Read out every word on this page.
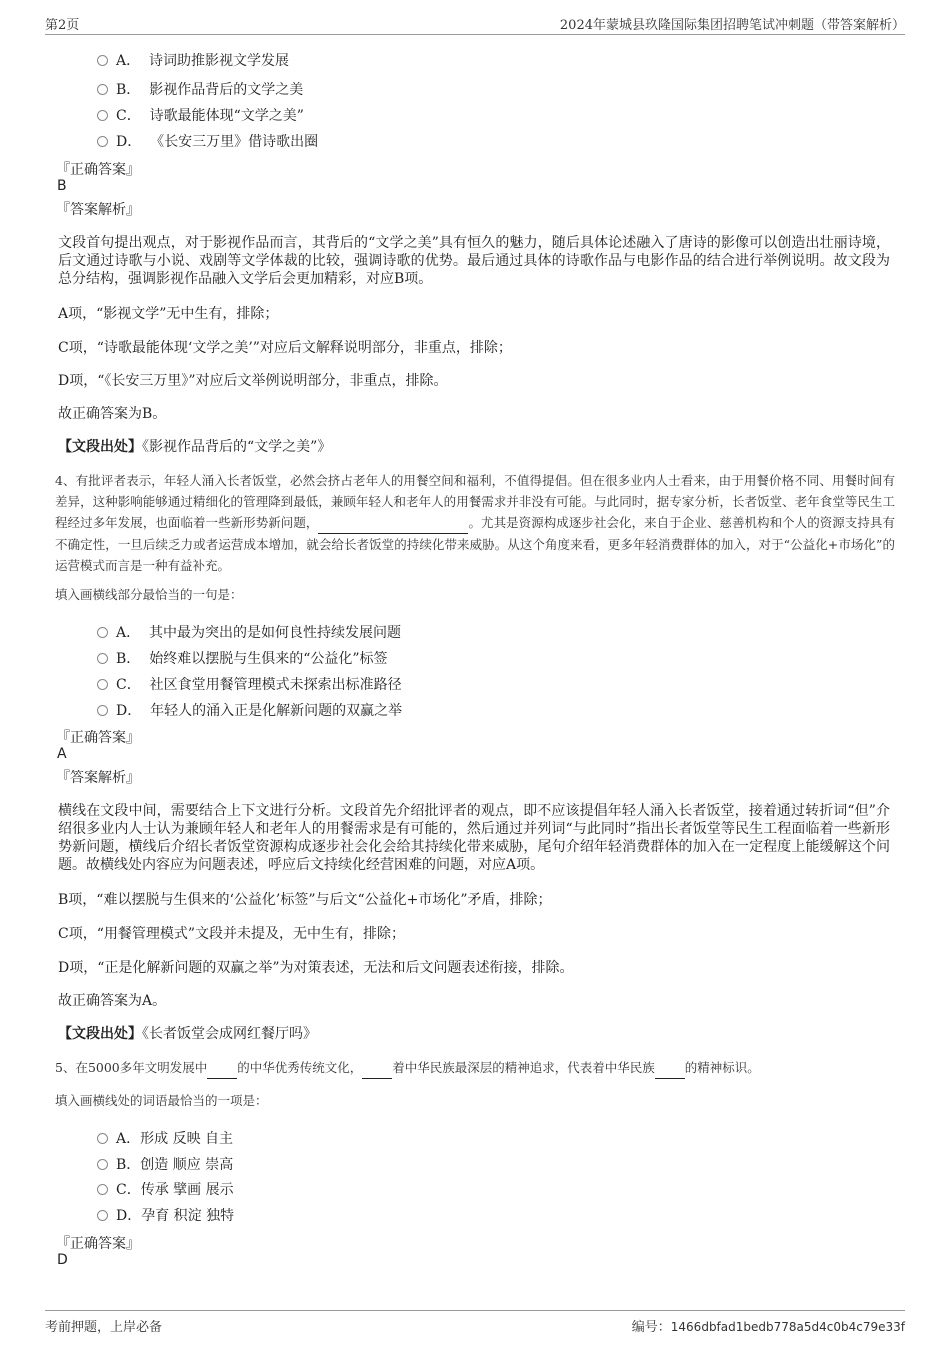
第2页	2024年蒙城县玖隆国际集团招聘笔试冲刺题（带答案解析）
A． 诗词助推影视文学发展
B． 影视作品背后的文学之美
C． 诗歌最能体现“文学之美”
D． 《长安三万里》借诗歌出圈
『正确答案』
B
『答案解析』
文段首句提出观点，对于影视作品而言，其背后的“文学之美”具有恒久的魅力，随后具体论述融入了唐诗的影像可以创造出壮丽诗境，后文通过诗歌与小说、戏剧等文学体裁的比较，强调诗歌的优势。最后通过具体的诗歌作品与电影作品的结合进行举例说明。故文段为总分结构，强调影视作品融入文学后会更加精彩，对应B项。
A项，“影视文学”无中生有，排除；
C项，“诗歌最能体现‘文学之美’”对应后文解释说明部分，非重点，排除；
D项，“《长安三万里》”对应后文举例说明部分，非重点，排除。
故正确答案为B。
【文段出处】《影视作品背后的“文学之美”》
4、有批评者表示，年轻人涌入长者饭堂，必然会挤占老年人的用餐空间和福利，不值得提倡。但在很多业内人士看来，由于用餐价格不同、用餐时间有差异，这种影响能够通过精细化的管理降到最低，兼顾年轻人和老年人的用餐需求并非没有可能。与此同时，据专家分析，长者饭堂、老年食堂等民生工程经过多年发展，也面临着一些新形势新问题，	。尤其是资源构成逐步社会化，来自于企业、慈善机构和个人的资源支持具有不确定性，一旦后续乏力或者运营成本增加，就会给长者饭堂的持续化带来威胁。从这个角度来看，更多年轻消费群体的加入，对于“公益化+市场化”的运营模式而言是一种有益补充。
填入画横线部分最恰当的一句是：
A． 其中最为突出的是如何良性持续发展问题
B． 始终难以摆脱与生俱来的“公益化”标签
C． 社区食堂用餐管理模式未探索出标准路径
D． 年轻人的涌入正是化解新问题的双赢之举
『正确答案』
A
『答案解析』
横线在文段中间，需要结合上下文进行分析。文段首先介绍批评者的观点，即不应该提倡年轻人涌入长者饭堂，接着通过转折词“但”介绍很多业内人士认为兼顾年轻人和老年人的用餐需求是有可能的，然后通过并列词“与此同时”指出长者饭堂等民生工程面临着一些新形势新问题，横线后介绍长者饭堂资源构成逐步社会化会给其持续化带来威胁，尾句介绍年轻消费群体的加入在一定程度上能缓解这个问题。故横线处内容应为问题表述，呼应后文持续化经营困难的问题，对应A项。
B项，“难以摆脱与生俱来的‘公益化’标签”与后文“公益化+市场化”矛盾，排除；
C项，“用餐管理模式”文段并未提及，无中生有，排除；
D项，“正是化解新问题的双赢之举”为对策表述，无法和后文问题表述衔接，排除。
故正确答案为A。
【文段出处】《长者饭堂会成网红餐厅吗》
5、在5000多年文明发展中 的中华优秀传统文化， 着中华民族最深层的精神追求，代表着中华民族 的精神标识。
填入画横线处的词语最恰当的一项是：
A．形成 反映 自主
B．创造 顺应 崇高
C．传承 擘画 展示
D．孕育 积淀 独特
『正确答案』
D
考前押题，上岸必备	编号：1466dbfad1bedb778a5d4c0b4c79e33f
